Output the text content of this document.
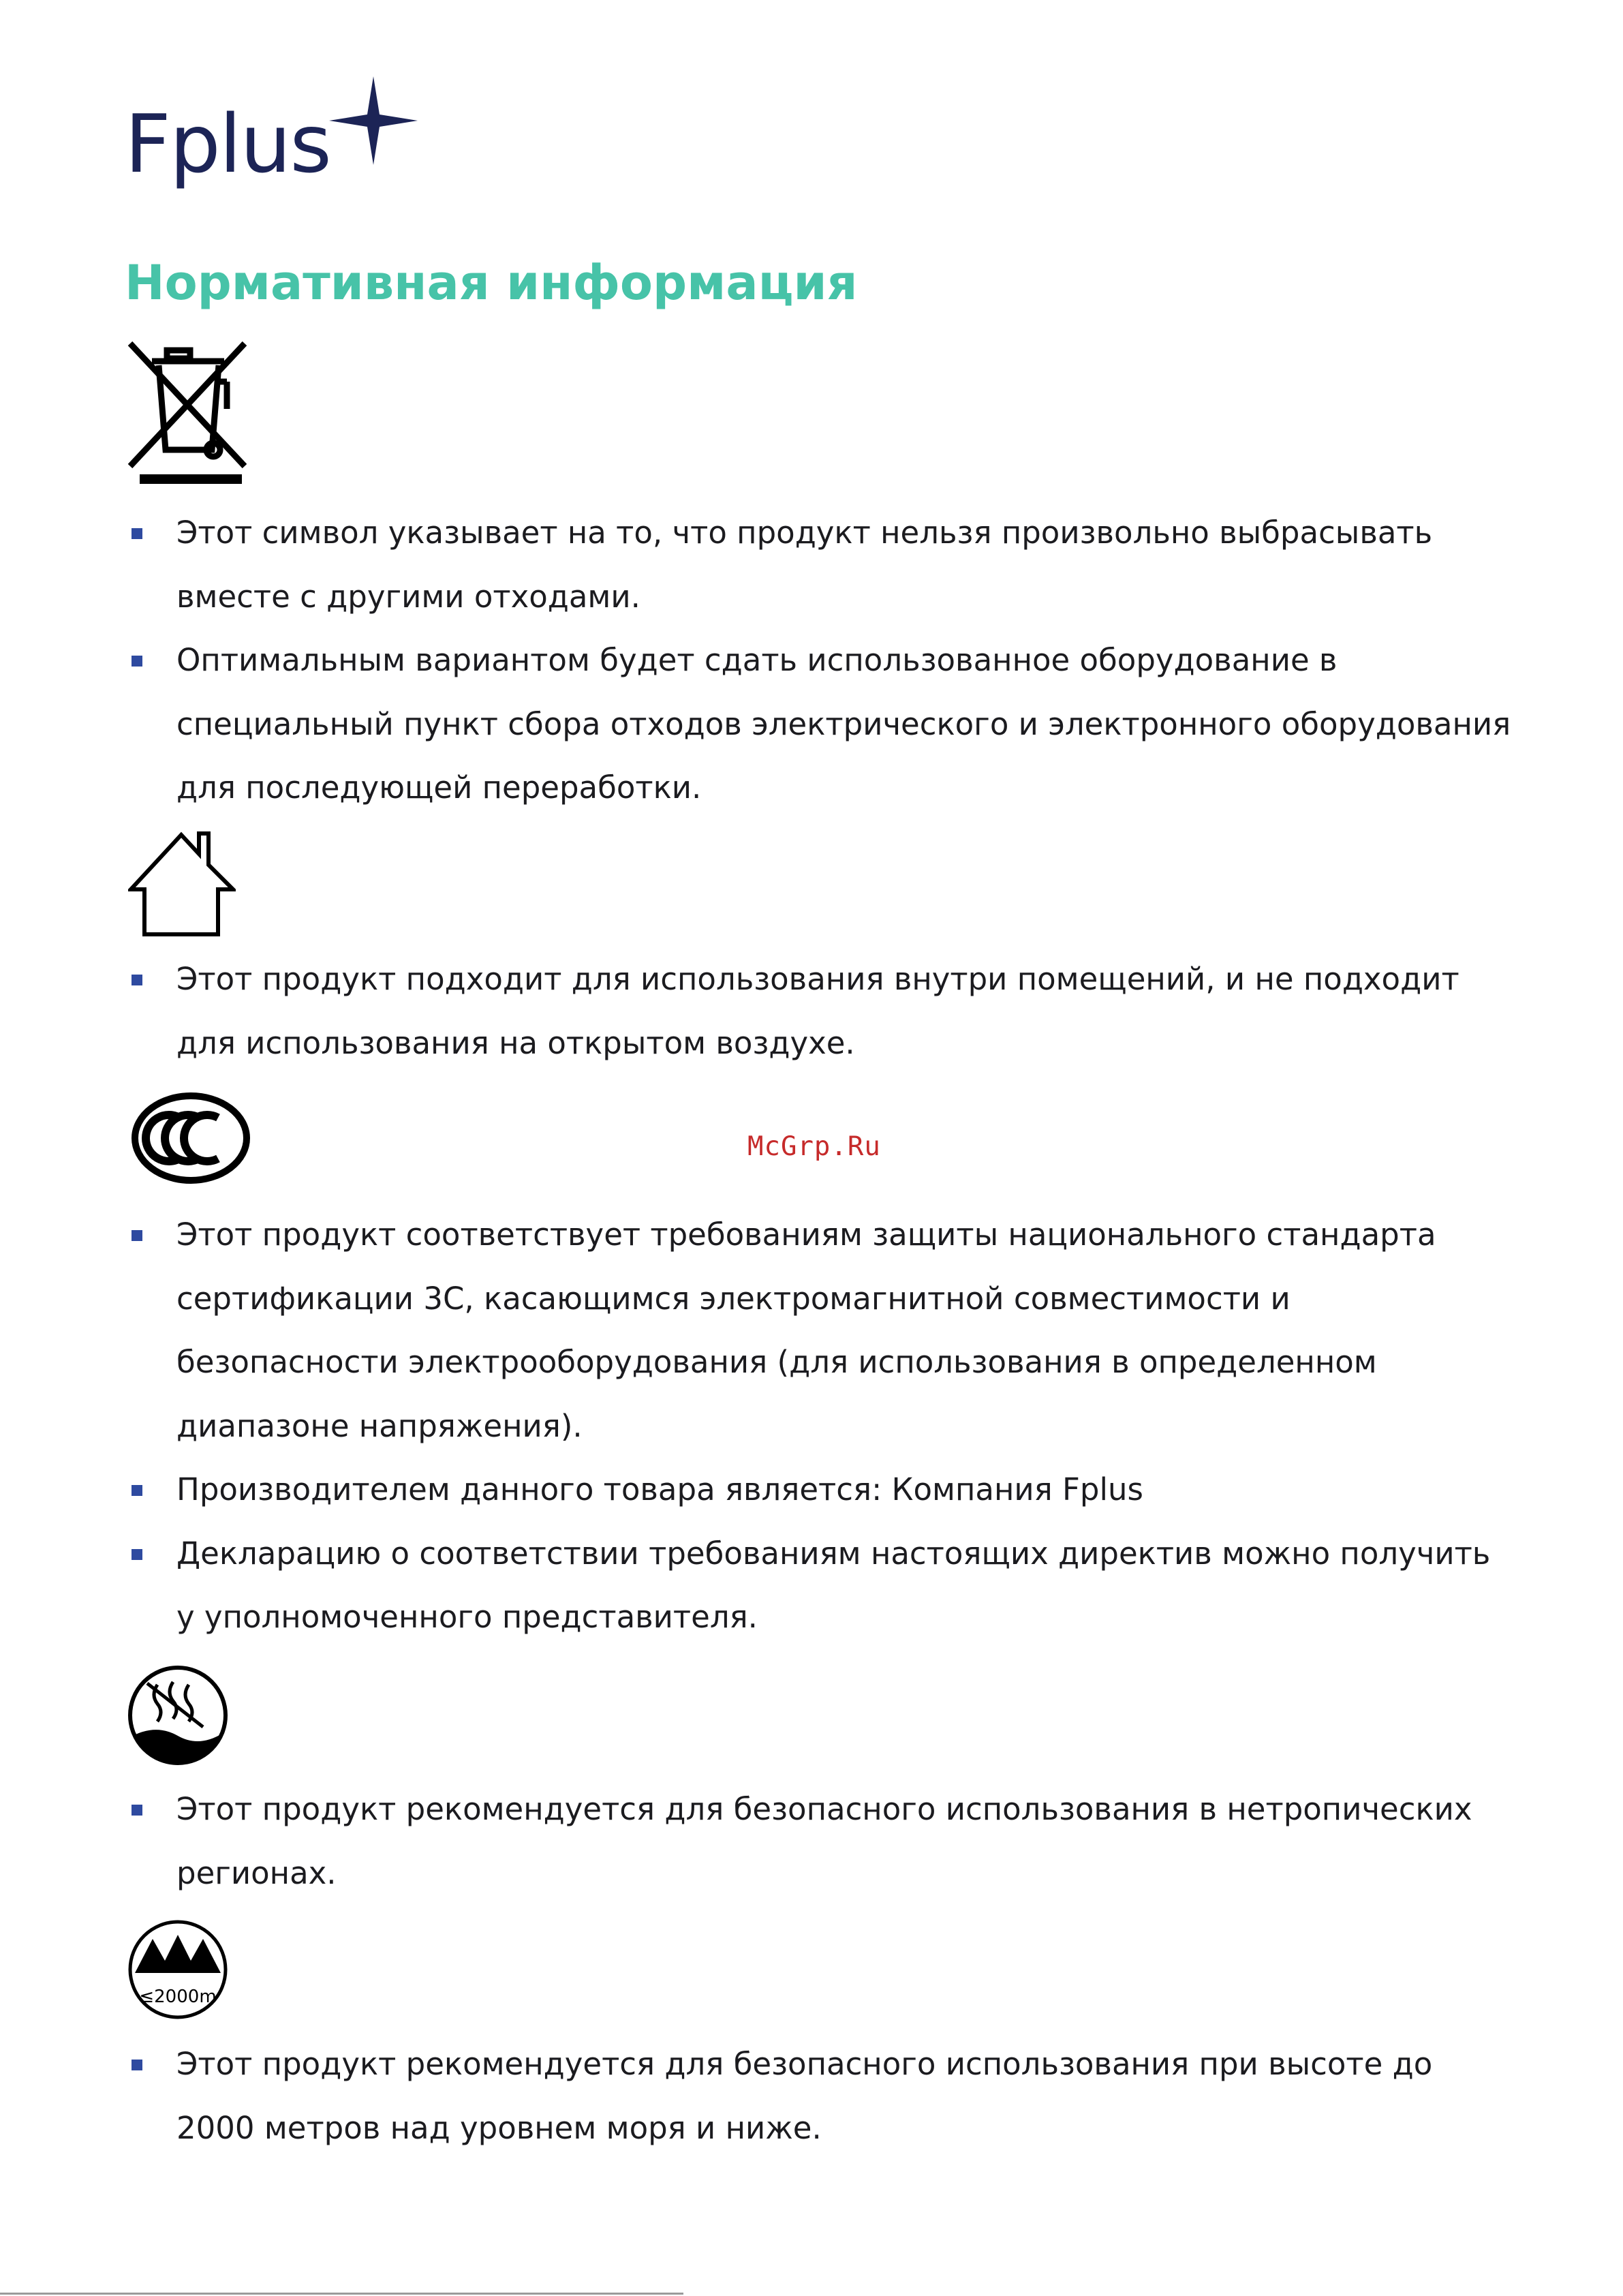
Fplus
Нормативная информация
Этот символ указывает на то, что продукт нельзя произвольно выбрасывать вместе с другими отходами.
Оптимальным вариантом будет сдать использованное оборудование в специальный пункт сбора отходов электрического и электронного оборудования для последующей переработки.
Этот продукт подходит для использования внутри помещений, и не подходит для использования на открытом воздухе.
McGrp.Ru
Этот продукт соответствует требованиям защиты национального стандарта сертификации 3C, касающимся электромагнитной совместимости и безопасности электрооборудования (для использования в определенном диапазоне напряжения).
Производителем данного товара является: Компания Fplus
Декларацию о соответствии требованиям настоящих директив можно получить у уполномоченного представителя.
Этот продукт рекомендуется для безопасного использования в нетропических регионах.
≤2000m
Этот продукт рекомендуется для безопасного использования при высоте до 2000 метров над уровнем моря и ниже.
